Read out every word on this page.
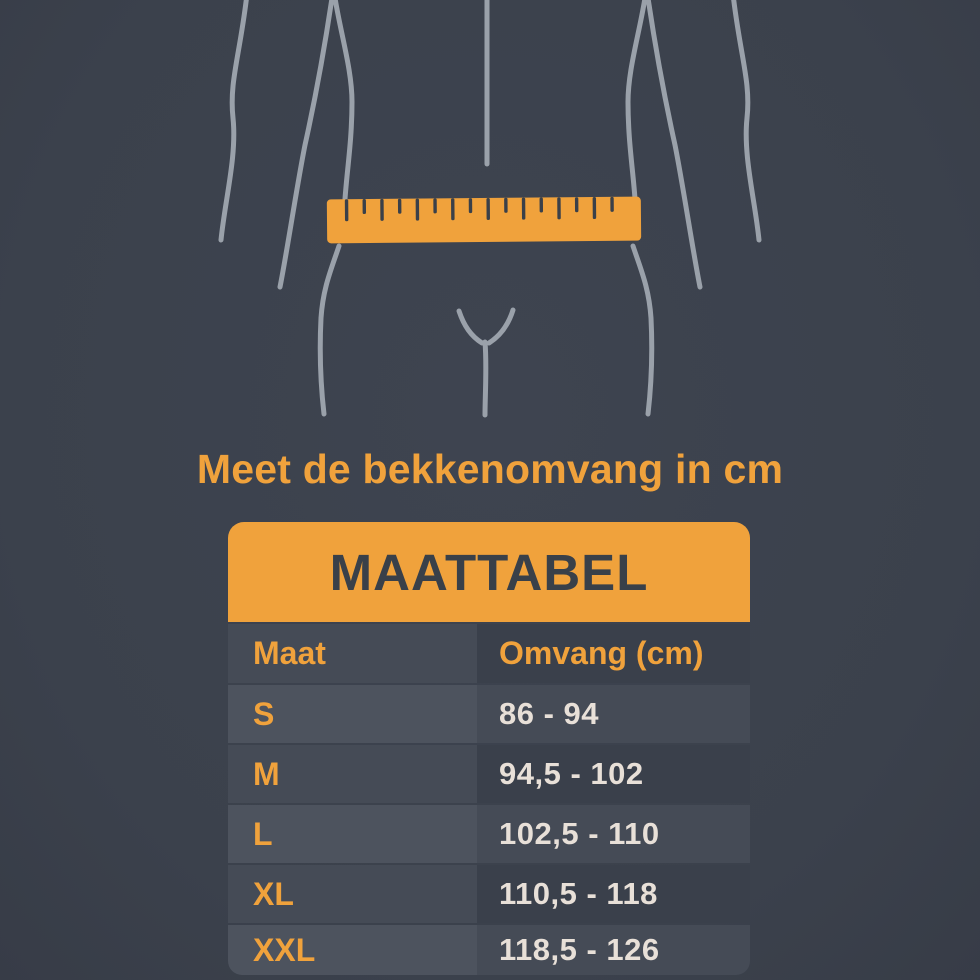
Meet de bekkenomvang in cm
MAATTABEL
Maat	Omvang (cm)
S	86 - 94
M	94,5 - 102
L	102,5 - 110
XL	110,5 - 118
XXL	118,5 - 126
